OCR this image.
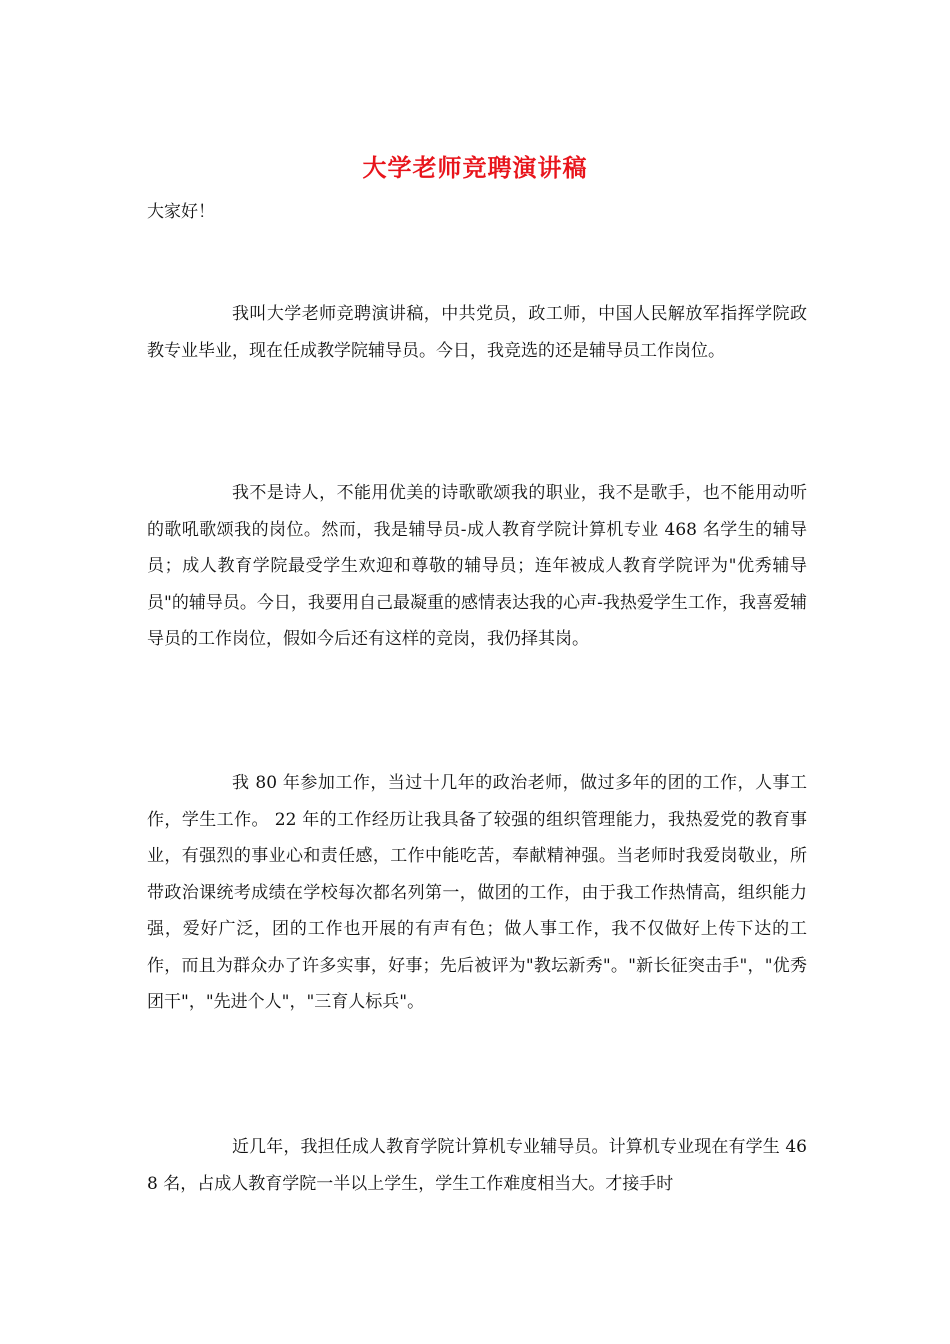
大学老师竞聘演讲稿

大家好！

我叫大学老师竞聘演讲稿，中共党员，政工师，中国人民解放军指挥学院政教专业毕业，现在任成教学院辅导员。今日，我竞选的还是辅导员工作岗位。

我不是诗人，不能用优美的诗歌歌颂我的职业，我不是歌手，也不能用动听的歌吼歌颂我的岗位。然而，我是辅导员-成人教育学院计算机专业 468 名学生的辅导员；成人教育学院最受学生欢迎和尊敬的辅导员；连年被成人教育学院评为"优秀辅导员"的辅导员。今日，我要用自己最凝重的感情表达我的心声-我热爱学生工作，我喜爱辅导员的工作岗位，假如今后还有这样的竞岗，我仍择其岗。

我 80 年参加工作，当过十几年的政治老师，做过多年的团的工作，人事工作，学生工作。 22 年的工作经历让我具备了较强的组织管理能力，我热爱党的教育事业，有强烈的事业心和责任感，工作中能吃苦，奉献精神强。当老师时我爱岗敬业，所带政治课统考成绩在学校每次都名列第一，做团的工作，由于我工作热情高，组织能力强，爱好广泛，团的工作也开展的有声有色；做人事工作，我不仅做好上传下达的工作，而且为群众办了许多实事，好事；先后被评为"教坛新秀"。"新长征突击手"，"优秀团干"，"先进个人"，"三育人标兵"。

近几年，我担任成人教育学院计算机专业辅导员。计算机专业现在有学生 468 名，占成人教育学院一半以上学生，学生工作难度相当大。才接手时
